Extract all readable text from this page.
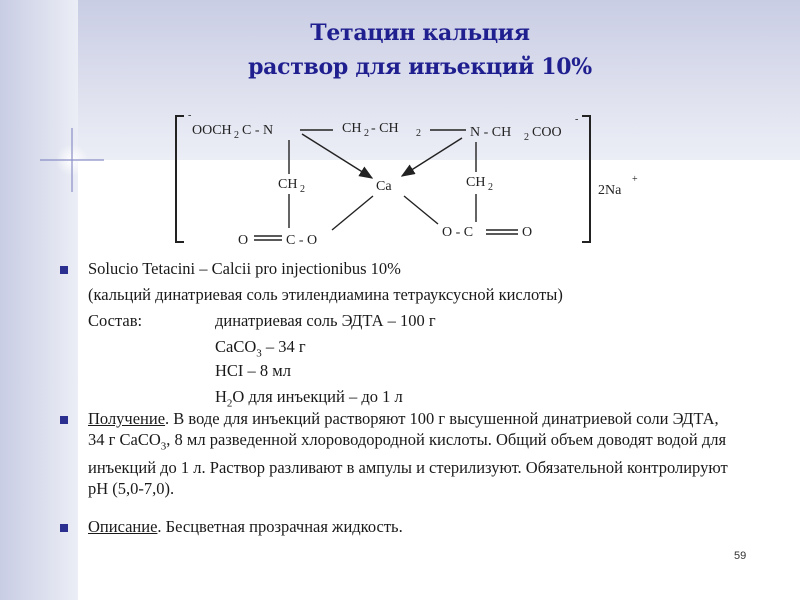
Тетацин кальция
раствор для инъекций 10%
-
OOCH 2 C - N	CH 2 - CH 2	N - CH 2 COO
-
CH 2	CH 2
Ca
O	C - O
O - C	O
2Na
+
Solucio Tetacini – Calcii pro injectionibus 10%
(кальций динатриевая соль этилендиамина тетрауксусной кислоты)
Состав:	динатриевая соль ЭДТА – 100 г
CaCO$_3$ – 34 г
HCI – 8 мл
$H_2O$ для инъекций – до 1 л
Получение. В воде для инъекций растворяют 100 г высушенной динатриевой соли ЭДТА, 34 г CaCO$_3$, 8 мл разведенной хлороводородной кислоты. Общий объем доводят водой для инъекций до 1 л. Раствор разливают в ампулы и стерилизуют. Обязательной контролируют pH (5,0-7,0).
Описание. Бесцветная прозрачная жидкость.
59
